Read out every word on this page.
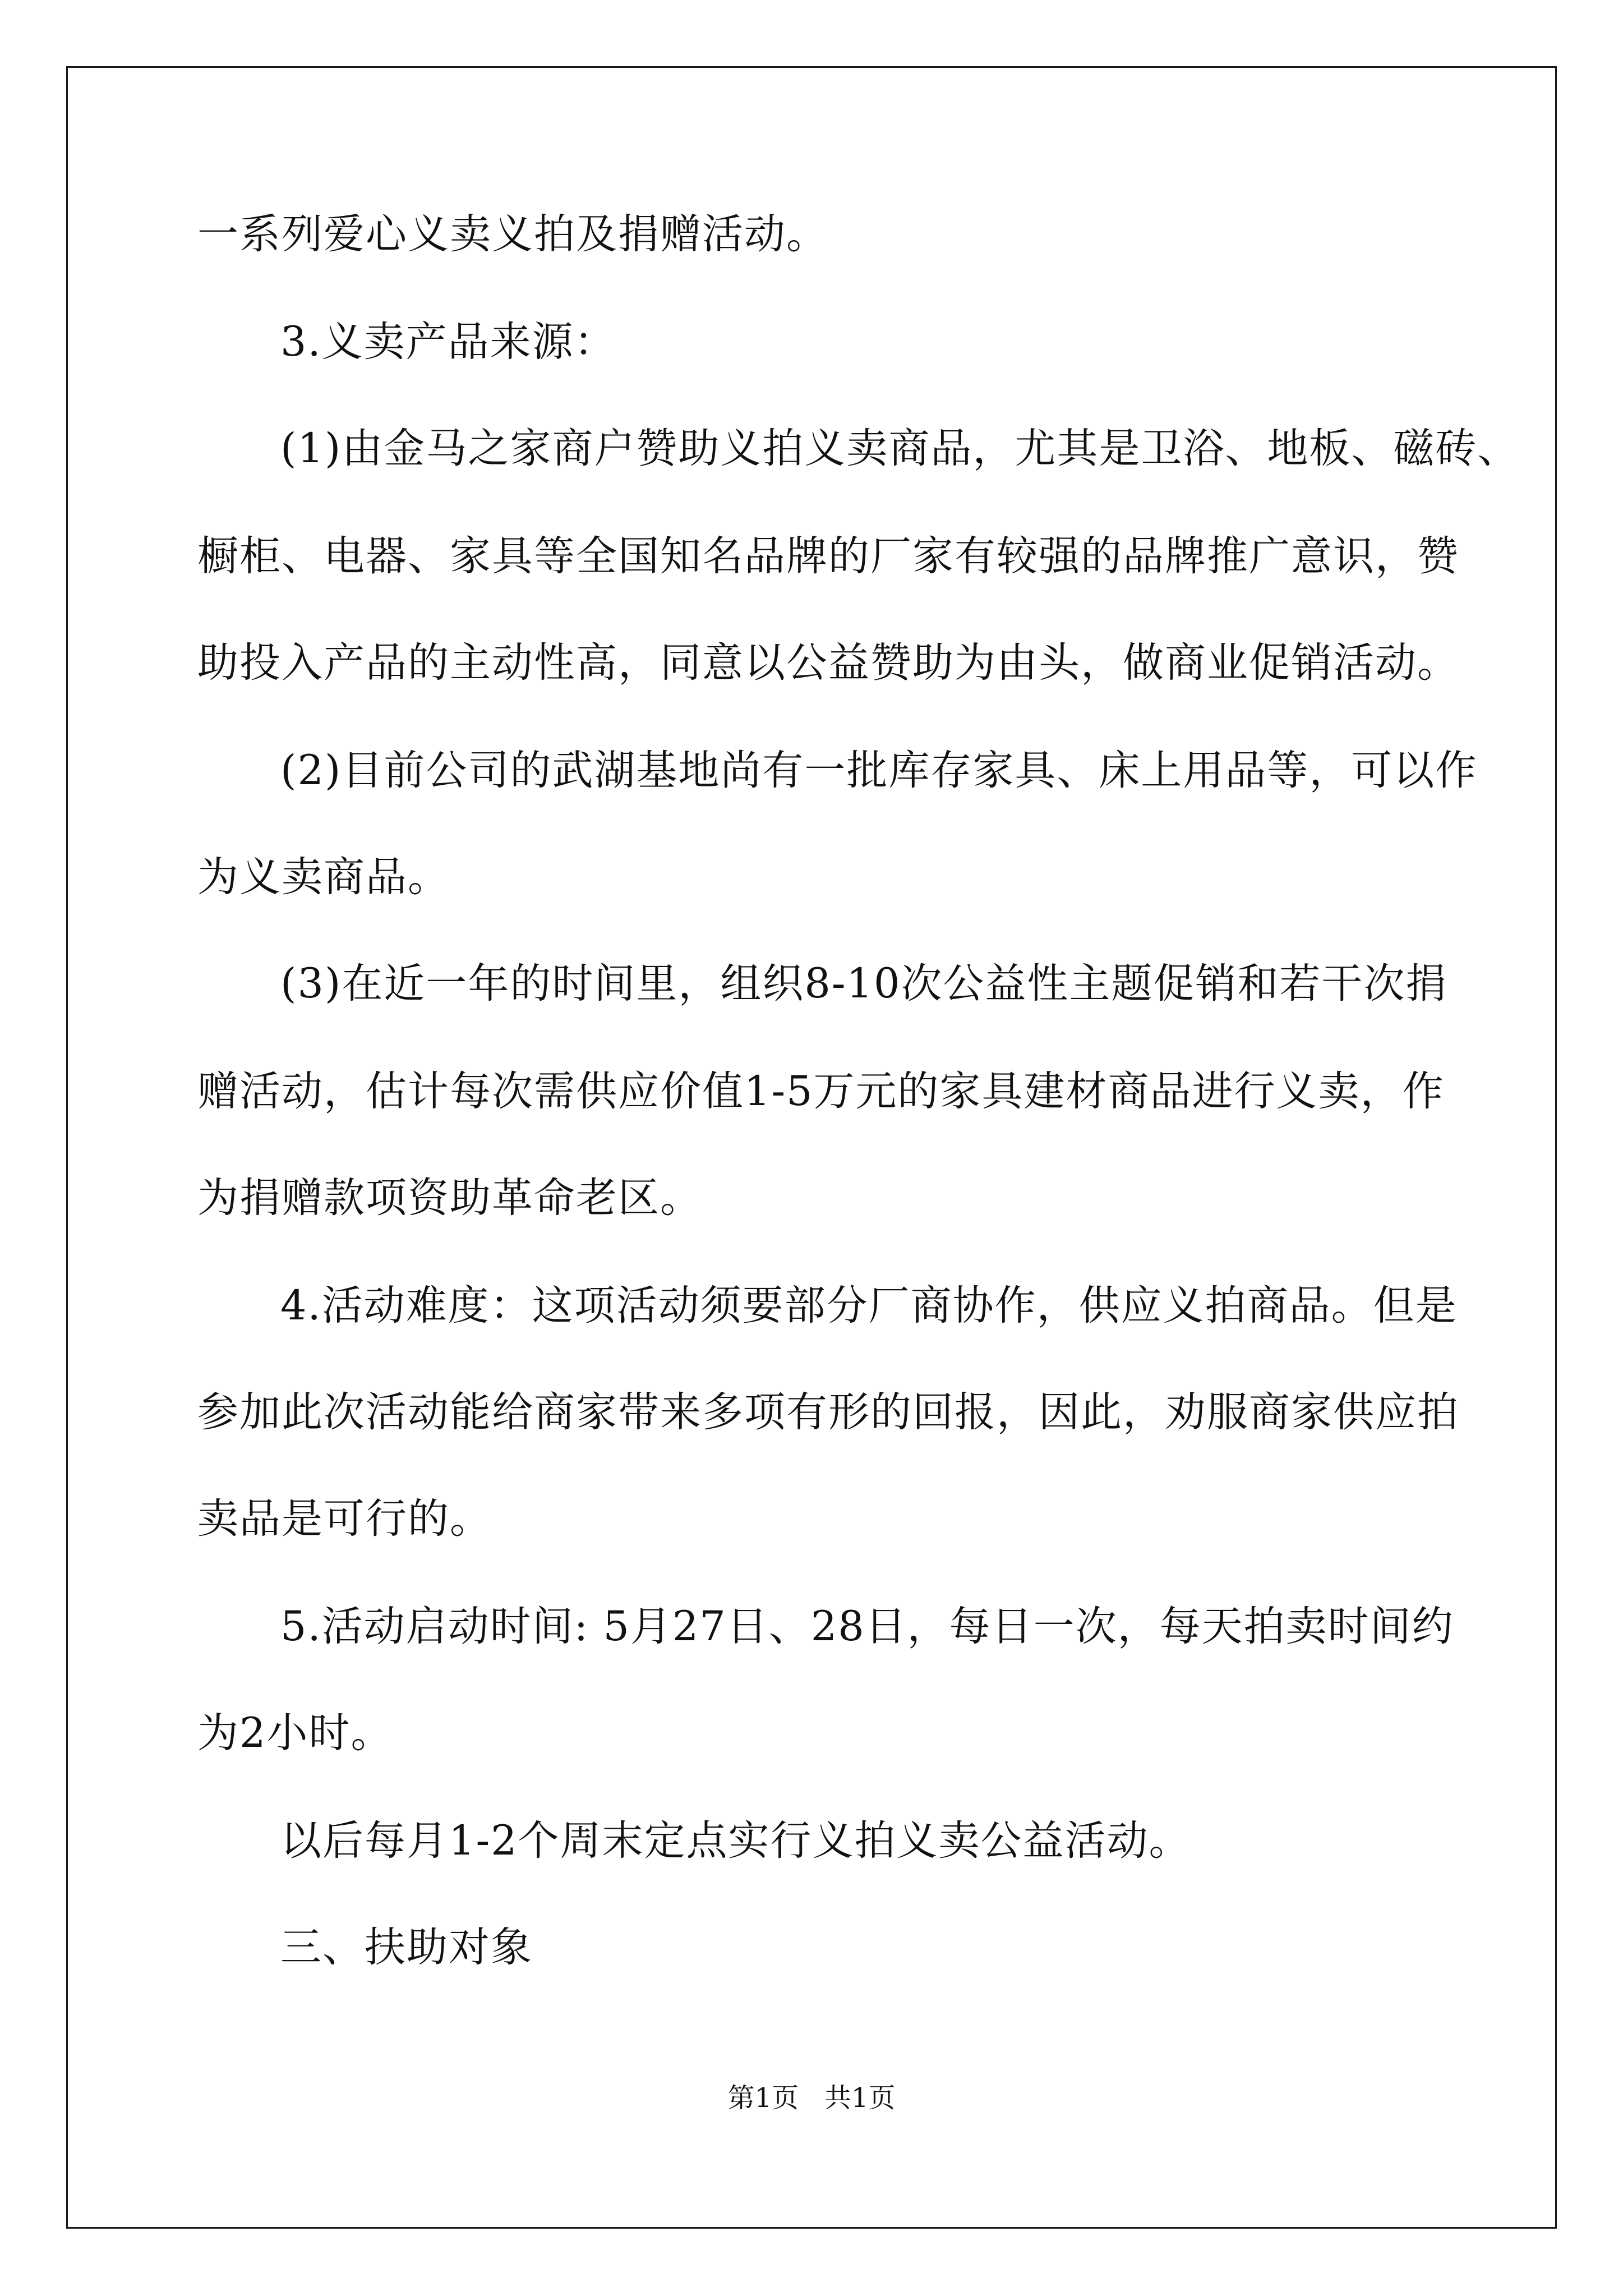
一系列爱心义卖义拍及捐赠活动。
3.义卖产品来源：
(1)由金马之家商户赞助义拍义卖商品，尤其是卫浴、地板、磁砖、
橱柜、电器、家具等全国知名品牌的厂家有较强的品牌推广意识，赞
助投入产品的主动性高，同意以公益赞助为由头，做商业促销活动。
(2)目前公司的武湖基地尚有一批库存家具、床上用品等，可以作
为义卖商品。
(3)在近一年的时间里，组织8-10次公益性主题促销和若干次捐
赠活动，估计每次需供应价值1-5万元的家具建材商品进行义卖，作
为捐赠款项资助革命老区。
4.活动难度：这项活动须要部分厂商协作，供应义拍商品。但是
参加此次活动能给商家带来多项有形的回报，因此，劝服商家供应拍
卖品是可行的。
5.活动启动时间: 5月27日、28日，每日一次，每天拍卖时间约
为2小时。
以后每月1-2个周末定点实行义拍义卖公益活动。
三、扶助对象
第1页   共1页
